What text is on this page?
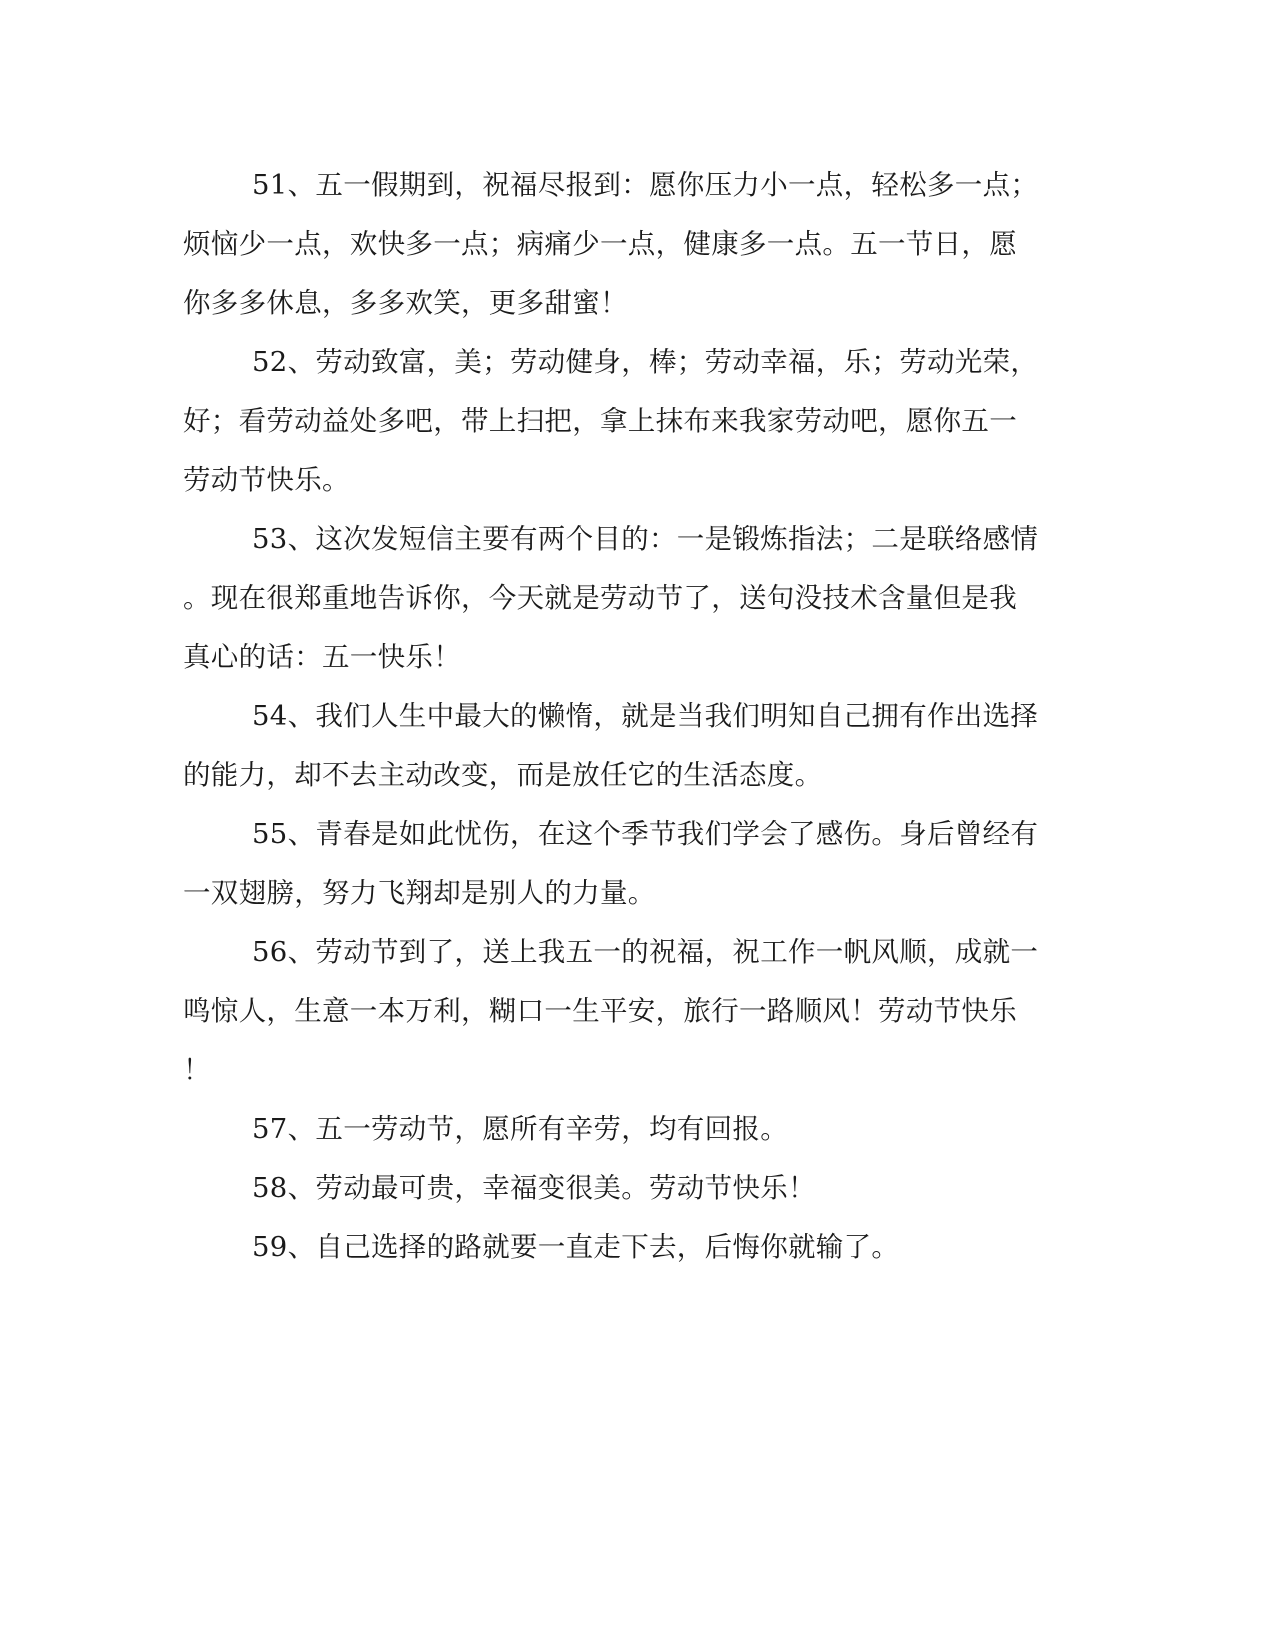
51、五一假期到，祝福尽报到：愿你压力小一点，轻松多一点；
烦恼少一点，欢快多一点；病痛少一点，健康多一点。五一节日，愿
你多多休息，多多欢笑，更多甜蜜！
52、劳动致富，美；劳动健身，棒；劳动幸福，乐；劳动光荣，
好；看劳动益处多吧，带上扫把，拿上抹布来我家劳动吧，愿你五一
劳动节快乐。
53、这次发短信主要有两个目的：一是锻炼指法；二是联络感情
。现在很郑重地告诉你，今天就是劳动节了，送句没技术含量但是我
真心的话：五一快乐！
54、我们人生中最大的懒惰，就是当我们明知自己拥有作出选择
的能力，却不去主动改变，而是放任它的生活态度。
55、青春是如此忧伤，在这个季节我们学会了感伤。身后曾经有
一双翅膀，努力飞翔却是别人的力量。
56、劳动节到了，送上我五一的祝福，祝工作一帆风顺，成就一
鸣惊人，生意一本万利，糊口一生平安，旅行一路顺风！劳动节快乐
！
57、五一劳动节，愿所有辛劳，均有回报。
58、劳动最可贵，幸福变很美。劳动节快乐！
59、自己选择的路就要一直走下去，后悔你就输了。
